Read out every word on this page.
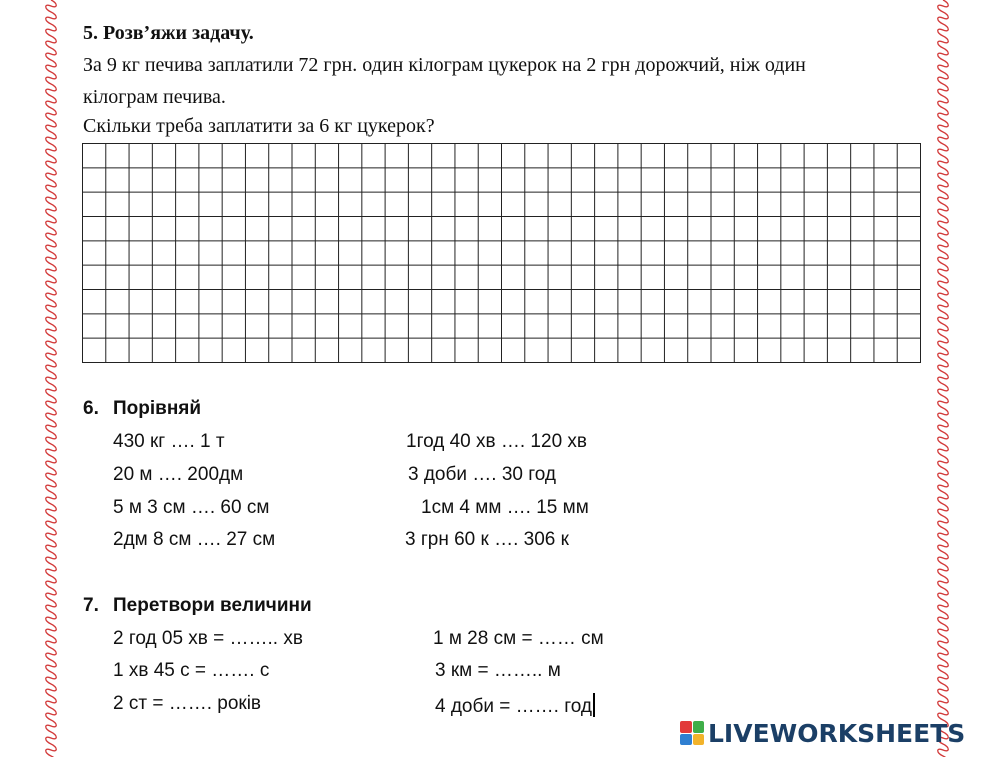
5. Розв’яжи задачу.
За 9 кг печива заплатили 72 грн. один кілограм цукерок на 2 грн дорожчий, ніж один
кілограм печива.
Скільки треба заплатити за 6 кг цукерок?
6. Порівняй
430 кг …. 1 т	1год 40 хв …. 120 хв
20 м …. 200дм	3 доби …. 30 год
5 м 3 см …. 60 см	1см 4 мм …. 15 мм
2дм 8 см …. 27 см	3 грн 60 к …. 306 к
7. Перетвори величини
2 год 05 хв = …….. хв	1 м 28 см = …… см
1 хв 45 с = ……. с	3 км = …….. м
2 ст = ……. років	4 доби = ……. год
LIVEWORKSHEETS
